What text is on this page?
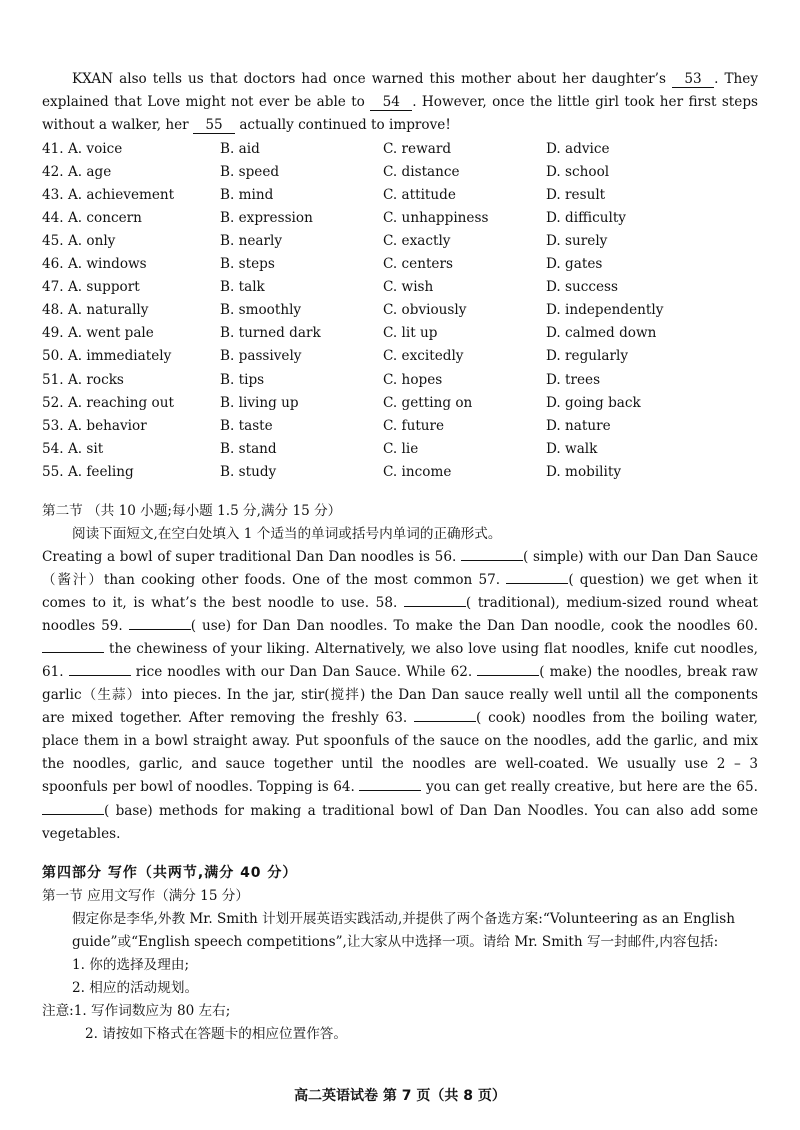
KXAN also tells us that doctors had once warned this mother about her daughter’s 53 . They explained that Love might not ever be able to 54 . However, once the little girl took her first steps without a walker, her 55 actually continued to improve!

41. A. voice	B. aid	C. reward	D. advice
42. A. age	B. speed	C. distance	D. school
43. A. achievement	B. mind	C. attitude	D. result
44. A. concern	B. expression	C. unhappiness	D. difficulty
45. A. only	B. nearly	C. exactly	D. surely
46. A. windows	B. steps	C. centers	D. gates
47. A. support	B. talk	C. wish	D. success
48. A. naturally	B. smoothly	C. obviously	D. independently
49. A. went pale	B. turned dark	C. lit up	D. calmed down
50. A. immediately	B. passively	C. excitedly	D. regularly
51. A. rocks	B. tips	C. hopes	D. trees
52. A. reaching out	B. living up	C. getting on	D. going back
53. A. behavior	B. taste	C. future	D. nature
54. A. sit	B. stand	C. lie	D. walk
55. A. feeling	B. study	C. income	D. mobility

第二节 （共 10 小题;每小题 1.5 分,满分 15 分）

阅读下面短文,在空白处填入 1 个适当的单词或括号内单词的正确形式。

Creating a bowl of super traditional Dan Dan noodles is 56.	( simple) with our Dan Dan Sauce （酱汁）than cooking other foods. One of the most common 57.	( question) we get when it comes to it, is what’s the best noodle to use. 58.	( traditional), medium-sized round wheat noodles 59.	( use) for Dan Dan noodles. To make the Dan Dan noodle, cook the noodles 60.  the chewiness of your liking. Alternatively, we also love using flat noodles, knife cut noodles, 61.	rice noodles with our Dan Dan Sauce. While 62.	( make) the noodles, break raw garlic（生蒜）into pieces. In the jar, stir(搅拌) the Dan Dan sauce really well until all the components are mixed together. After removing the freshly 63.	( cook) noodles from the boiling water, place them in a bowl straight away. Put spoonfuls of the sauce on the noodles, add the garlic, and mix the noodles, garlic, and sauce together until the noodles are well-coated. We usually use 2 – 3 spoonfuls per bowl of noodles. Topping is 64.	you can get really creative, but here are the 65. ( base) methods for making a traditional bowl of Dan Dan Noodles. You can also add some vegetables.

第四部分 写作（共两节,满分 40 分）

第一节 应用文写作（满分 15 分）

假定你是李华,外教 Mr. Smith 计划开展英语实践活动,并提供了两个备选方案:“Volunteering as an English guide”或“English speech competitions”,让大家从中选择一项。请给 Mr. Smith 写一封邮件,内容包括:

1. 你的选择及理由;

2. 相应的活动规划。

注意:1. 写作词数应为 80 左右;

2. 请按如下格式在答题卡的相应位置作答。

高二英语试卷 第 7 页（共 8 页）
